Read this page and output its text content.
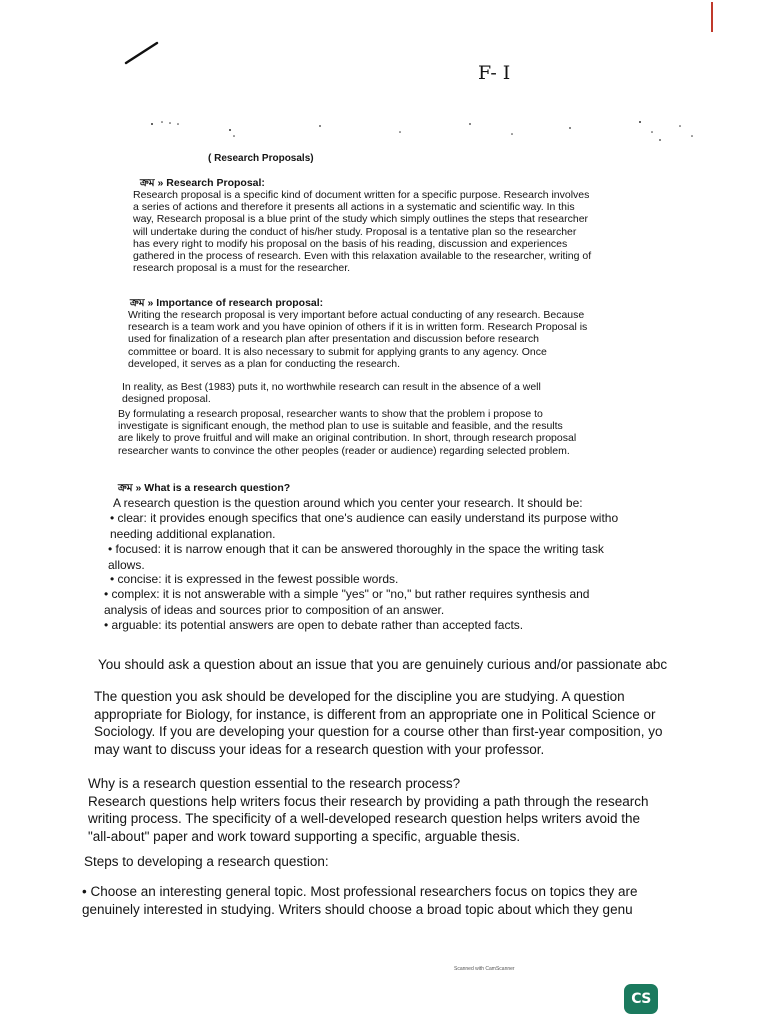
F- I
( Research Proposals)
ক্রম » Research Proposal:
Research proposal is a specific kind of document written for a specific purpose. Research involves
a series of actions and therefore it presents all actions in a systematic and scientific way. In this
way, Research proposal is a blue print of the study which simply outlines the steps that researcher
will undertake during the conduct of his/her study. Proposal is a tentative plan so the researcher
has every right to modify his proposal on the basis of his reading, discussion and experiences
gathered in the process of research. Even with this relaxation available to the researcher, writing of
research proposal is a must for the researcher.
ক্রম » Importance of research proposal:
Writing the research proposal is very important before actual conducting of any research. Because
research is a team work and you have opinion of others if it is in written form. Research Proposal is
used for finalization of a research plan after presentation and discussion before research
committee or board. It is also necessary to submit for applying grants to any agency. Once
developed, it serves as a plan for conducting the research.
In reality, as Best (1983) puts it, no worthwhile research can result in the absence of a well
designed proposal.
By formulating a research proposal, researcher wants to show that the problem i propose to
investigate is significant enough, the method plan to use is suitable and feasible, and the results
are likely to prove fruitful and will make an original contribution. In short, through research proposal
researcher wants to convince the other peoples (reader or audience) regarding selected problem.
ক্রম » What is a research question?
A research question is the question around which you center your research. It should be:
• clear: it provides enough specifics that one's audience can easily understand its purpose witho
needing additional explanation.
• focused: it is narrow enough that it can be answered thoroughly in the space the writing task
allows.
• concise: it is expressed in the fewest possible words.
• complex: it is not answerable with a simple "yes" or "no," but rather requires synthesis and
analysis of ideas and sources prior to composition of an answer.
• arguable: its potential answers are open to debate rather than accepted facts.
You should ask a question about an issue that you are genuinely curious and/or passionate abc
The question you ask should be developed for the discipline you are studying. A question
appropriate for Biology, for instance, is different from an appropriate one in Political Science or
Sociology. If you are developing your question for a course other than first-year composition, yo
may want to discuss your ideas for a research question with your professor.
Why is a research question essential to the research process?
Research questions help writers focus their research by providing a path through the research
writing process. The specificity of a well-developed research question helps writers avoid the
"all-about" paper and work toward supporting a specific, arguable thesis.
Steps to developing a research question:
• Choose an interesting general topic. Most professional researchers focus on topics they are
genuinely interested in studying. Writers should choose a broad topic about which they genu
Scanned with CamScanner
CS
